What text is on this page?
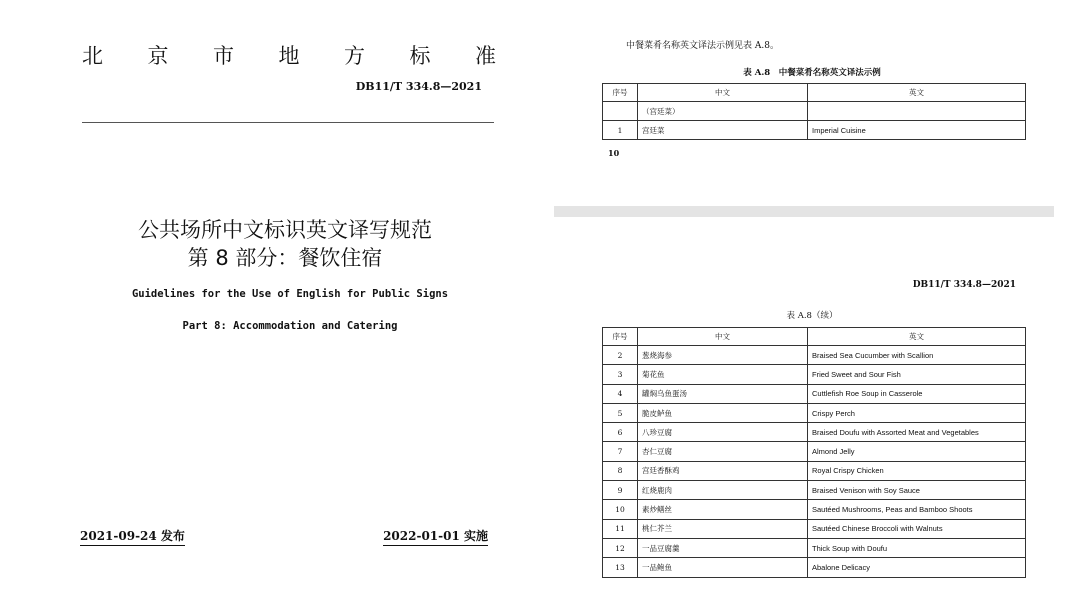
北 京 市 地 方 标 准
DB11/T 334.8—2021
公共场所中文标识英文译写规范
第 8 部分：餐饮住宿
Guidelines for the Use of English for Public Signs
Part 8: Accommodation and Catering
2021-09-24 发布	2022-01-01 实施
中餐菜肴名称英文译法示例见表 A.8。
表 A.8　中餐菜肴名称英文译法示例
序号	中文	英文
	（宫廷菜）	
1	宫廷菜	Imperial Cuisine
10
DB11/T 334.8—2021
表 A.8（续）
序号	中文	英文
2	葱烧海参	Braised Sea Cucumber with Scallion
3	菊花鱼	Fried Sweet and Sour Fish
4	罐焖乌鱼蛋汤	Cuttlefish Roe Soup in Casserole
5	脆皮鲈鱼	Crispy Perch
6	八珍豆腐	Braised Doufu with Assorted Meat and Vegetables
7	杏仁豆腐	Almond Jelly
8	宫廷香酥鸡	Royal Crispy Chicken
9	红烧鹿肉	Braised Venison with Soy Sauce
10	素炒鳝丝	Sautéed Mushrooms, Peas and Bamboo Shoots
11	桃仁芥兰	Sautéed Chinese Broccoli with Walnuts
12	一品豆腐羹	Thick Soup with Doufu
13	一品鲍鱼	Abalone Delicacy
